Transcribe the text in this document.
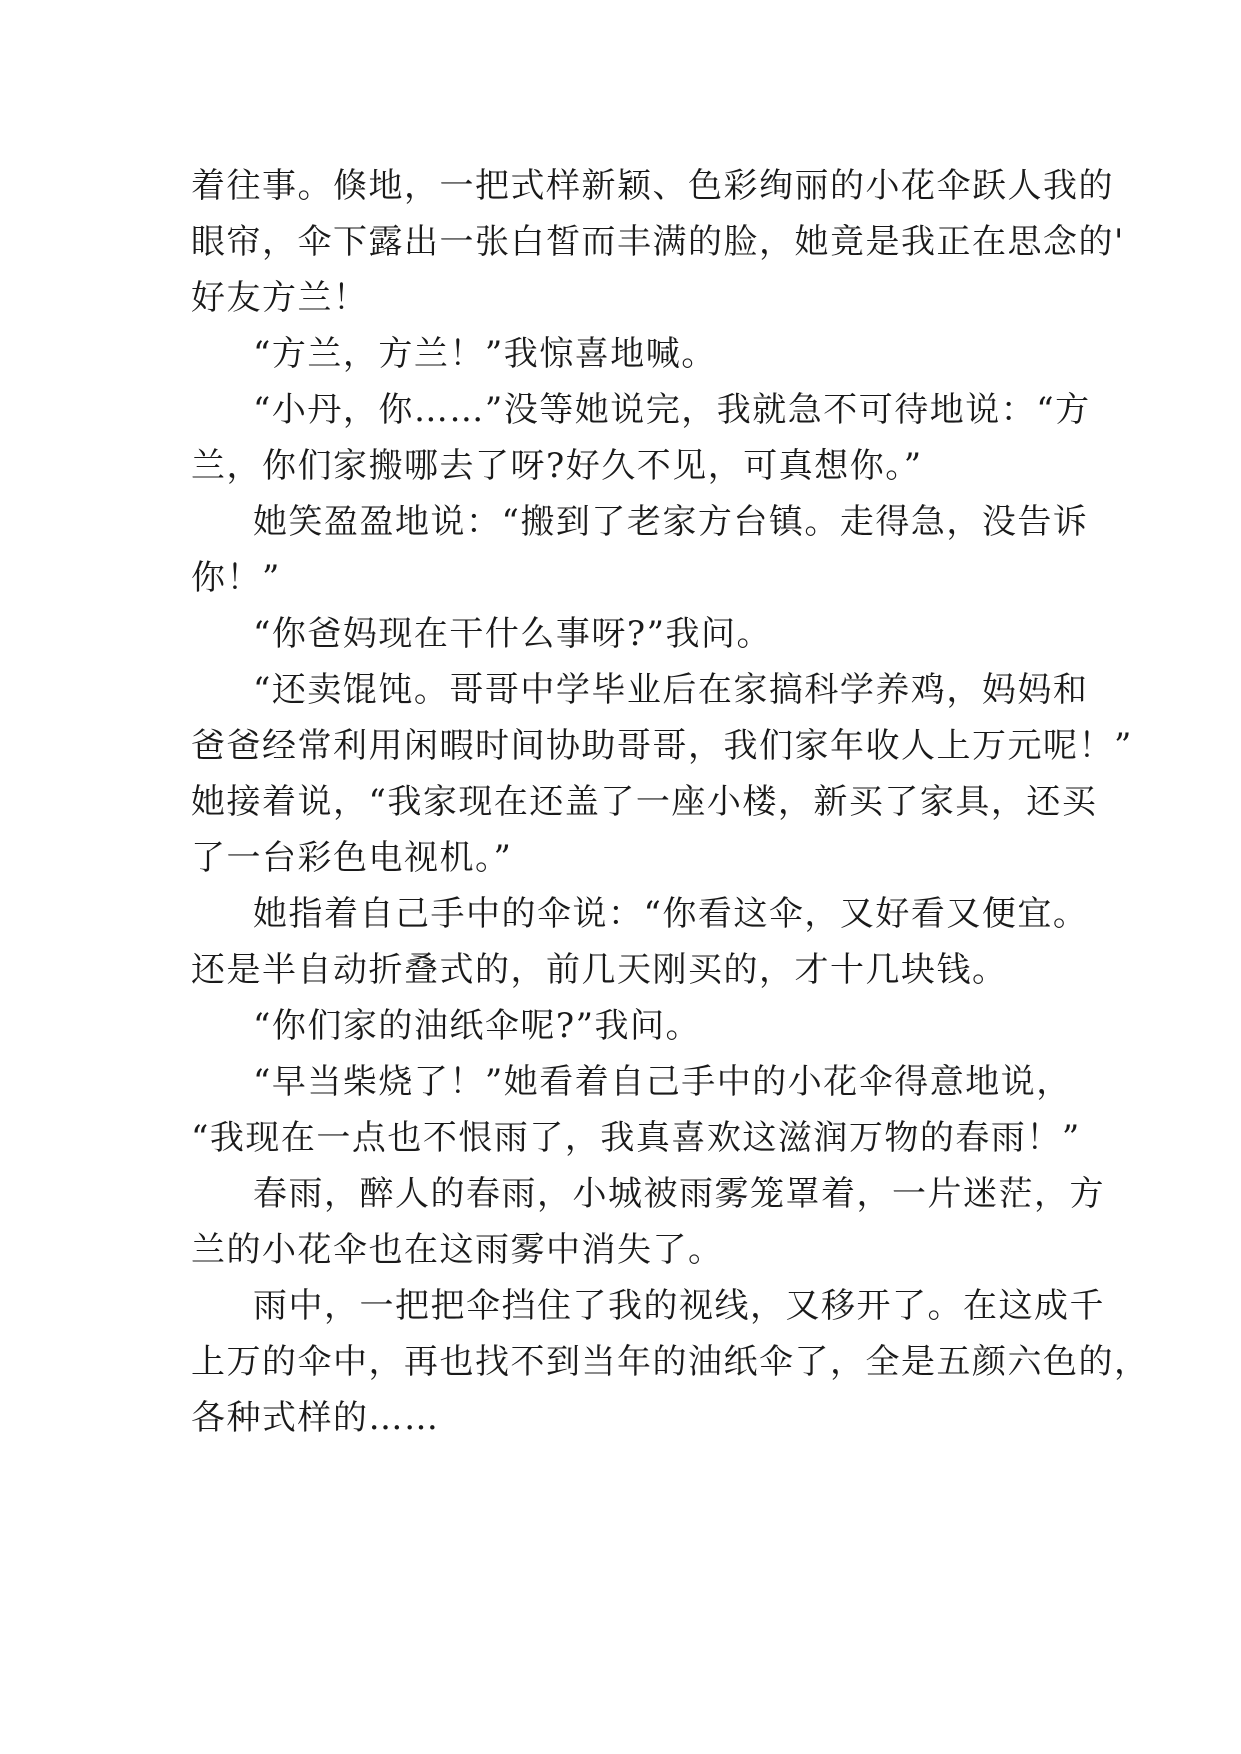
着往事。倏地，一把式样新颖、色彩绚丽的小花伞跃人我的
眼帘，伞下露出一张白皙而丰满的脸，她竟是我正在思念的'
好友方兰！
“方兰，方兰！”我惊喜地喊。
“小丹，你……”没等她说完，我就急不可待地说：“方
兰，你们家搬哪去了呀?好久不见，可真想你。”
她笑盈盈地说：“搬到了老家方台镇。走得急，没告诉
你！”
“你爸妈现在干什么事呀?”我问。
“还卖馄饨。哥哥中学毕业后在家搞科学养鸡，妈妈和
爸爸经常利用闲暇时间协助哥哥，我们家年收人上万元呢！”
她接着说，“我家现在还盖了一座小楼，新买了家具，还买
了一台彩色电视机。”
她指着自己手中的伞说：“你看这伞，又好看又便宜。
还是半自动折叠式的，前几天刚买的，才十几块钱。
“你们家的油纸伞呢?”我问。
“早当柴烧了！”她看着自己手中的小花伞得意地说，
“我现在一点也不恨雨了，我真喜欢这滋润万物的春雨！”
春雨，醉人的春雨，小城被雨雾笼罩着，一片迷茫，方
兰的小花伞也在这雨雾中消失了。
雨中，一把把伞挡住了我的视线，又移开了。在这成千
上万的伞中，再也找不到当年的油纸伞了，全是五颜六色的，
各种式样的……
